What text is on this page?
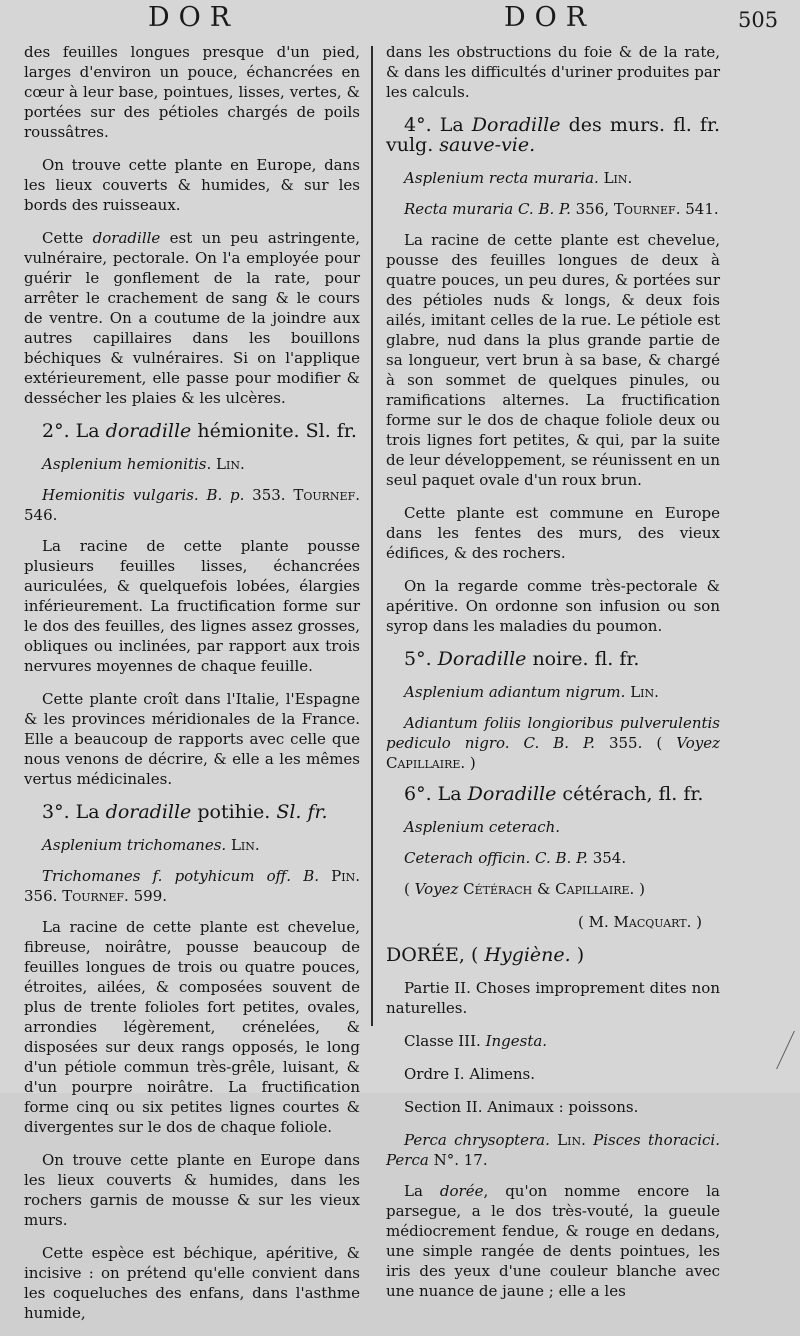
DOR	DOR	505

des feuilles longues presque d'un pied, larges d'environ un pouce, échancrées en cœur à leur base, pointues, lisses, vertes, & portées sur des pétioles chargés de poils roussâtres.

On trouve cette plante en Europe, dans les lieux couverts & humides, & sur les bords des ruisseaux.

Cette doradille est un peu astringente, vulnéraire, pectorale. On l'a employée pour guérir le gonflement de la rate, pour arrêter le crachement de sang & le cours de ventre. On a coutume de la joindre aux autres capillaires dans les bouillons béchiques & vulnéraires. Si on l'applique extérieurement, elle passe pour modifier & dessécher les plaies & les ulcères.

2°. La doradille hémionite. Sl. fr.

Asplenium hemionitis. Lin.

Hemionitis vulgaris. B. p. 353. Tournef. 546.

La racine de cette plante pousse plusieurs feuilles lisses, échancrées auriculées, & quelquefois lobées, élargies inférieurement. La fructification forme sur le dos des feuilles, des lignes assez grosses, obliques ou inclinées, par rapport aux trois nervures moyennes de chaque feuille.

Cette plante croît dans l'Italie, l'Espagne & les provinces méridionales de la France. Elle a beaucoup de rapports avec celle que nous venons de décrire, & elle a les mêmes vertus médicinales.

3°. La doradille potihie. Sl. fr.

Asplenium trichomanes. Lin.

Trichomanes f. potyhicum off. B. Pin. 356. Tournef. 599.

La racine de cette plante est chevelue, fibreuse, noirâtre, pousse beaucoup de feuilles longues de trois ou quatre pouces, étroites, ailées, & composées souvent de plus de trente folioles fort petites, ovales, arrondies légèrement, crénelées, & disposées sur deux rangs opposés, le long d'un pétiole commun très-grêle, luisant, & d'un pourpre noirâtre. La fructification forme cinq ou six petites lignes courtes & divergentes sur le dos de chaque foliole.

On trouve cette plante en Europe dans les lieux couverts & humides, dans les rochers garnis de mousse & sur les vieux murs.

Cette espèce est béchique, apéritive, & incisive : on prétend qu'elle convient dans les coqueluches des enfans, dans l'asthme humide,

dans les obstructions du foie & de la rate, & dans les difficultés d'uriner produites par les calculs.

4°. La Doradille des murs. fl. fr. vulg. sauve-vie.

Asplenium recta muraria. Lin.

Recta muraria C. B. P. 356, Tournef. 541.

La racine de cette plante est chevelue, pousse des feuilles longues de deux à quatre pouces, un peu dures, & portées sur des pétioles nuds & longs, & deux fois ailés, imitant celles de la rue. Le pétiole est glabre, nud dans la plus grande partie de sa longueur, vert brun à sa base, & chargé à son sommet de quelques pinules, ou ramifications alternes. La fructification forme sur le dos de chaque foliole deux ou trois lignes fort petites, & qui, par la suite de leur développement, se réunissent en un seul paquet ovale d'un roux brun.

Cette plante est commune en Europe dans les fentes des murs, des vieux édifices, & des rochers.

On la regarde comme très-pectorale & apéritive. On ordonne son infusion ou son syrop dans les maladies du poumon.

5°. Doradille noire. fl. fr.

Asplenium adiantum nigrum. Lin.

Adiantum foliis longioribus pulverulentis pediculo nigro. C. B. P. 355. ( Voyez Capillaire. )

6°. La Doradille cétérach, fl. fr.

Asplenium ceterach.

Ceterach officin. C. B. P. 354.

( Voyez Cétérach & Capillaire. )

( M. Macquart. )

DORÉE, ( Hygiène. )

Partie II. Choses improprement dites non naturelles.

Classe III. Ingesta.

Ordre I. Alimens.

Section II. Animaux : poissons.

Perca chrysoptera. Lin. Pisces thoracici. Perca N°. 17.

La dorée, qu'on nomme encore la parsegue, a le dos très-vouté, la gueule médiocrement fendue, & rouge en dedans, une simple rangée de dents pointues, les iris des yeux d'une couleur blanche avec une nuance de jaune ; elle a les
